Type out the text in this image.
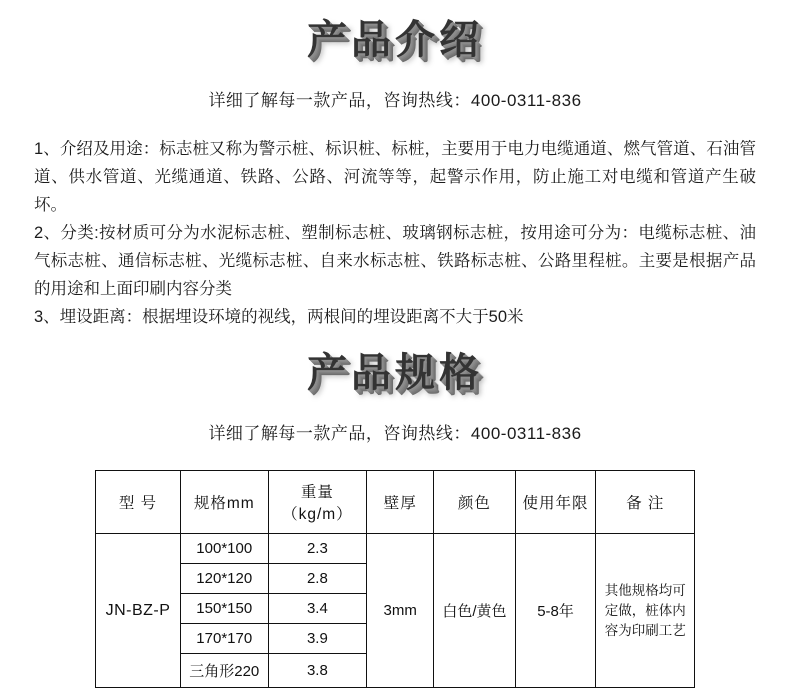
产品介绍
详细了解每一款产品，咨询热线：400-0311-836

1、介绍及用途：标志桩又称为警示桩、标识桩、标桩，主要用于电力电缆通道、燃气管道、石油管道、供水管道、光缆通道、铁路、公路、河流等等，起警示作用，防止施工对电缆和管道产生破坏。

2、分类:按材质可分为水泥标志桩、塑制标志桩、玻璃钢标志桩，按用途可分为：电缆标志桩、油气标志桩、通信标志桩、光缆标志桩、自来水标志桩、铁路标志桩、公路里程桩。主要是根据产品的用途和上面印刷内容分类

3、埋设距离：根据埋设环境的视线，两根间的埋设距离不大于50米

产品规格
详细了解每一款产品，咨询热线：400-0311-836
型 号	规格mm	重量（kg/m）	壁厚	颜色	使用年限	备 注
JN-BZ-P	100*100	2.3	3mm	白色/黄色	5-8年	其他规格均可定做，桩体内容为印刷工艺
	120*120	2.8				
	150*150	3.4				
	170*170	3.9				
	三角形220	3.8				
